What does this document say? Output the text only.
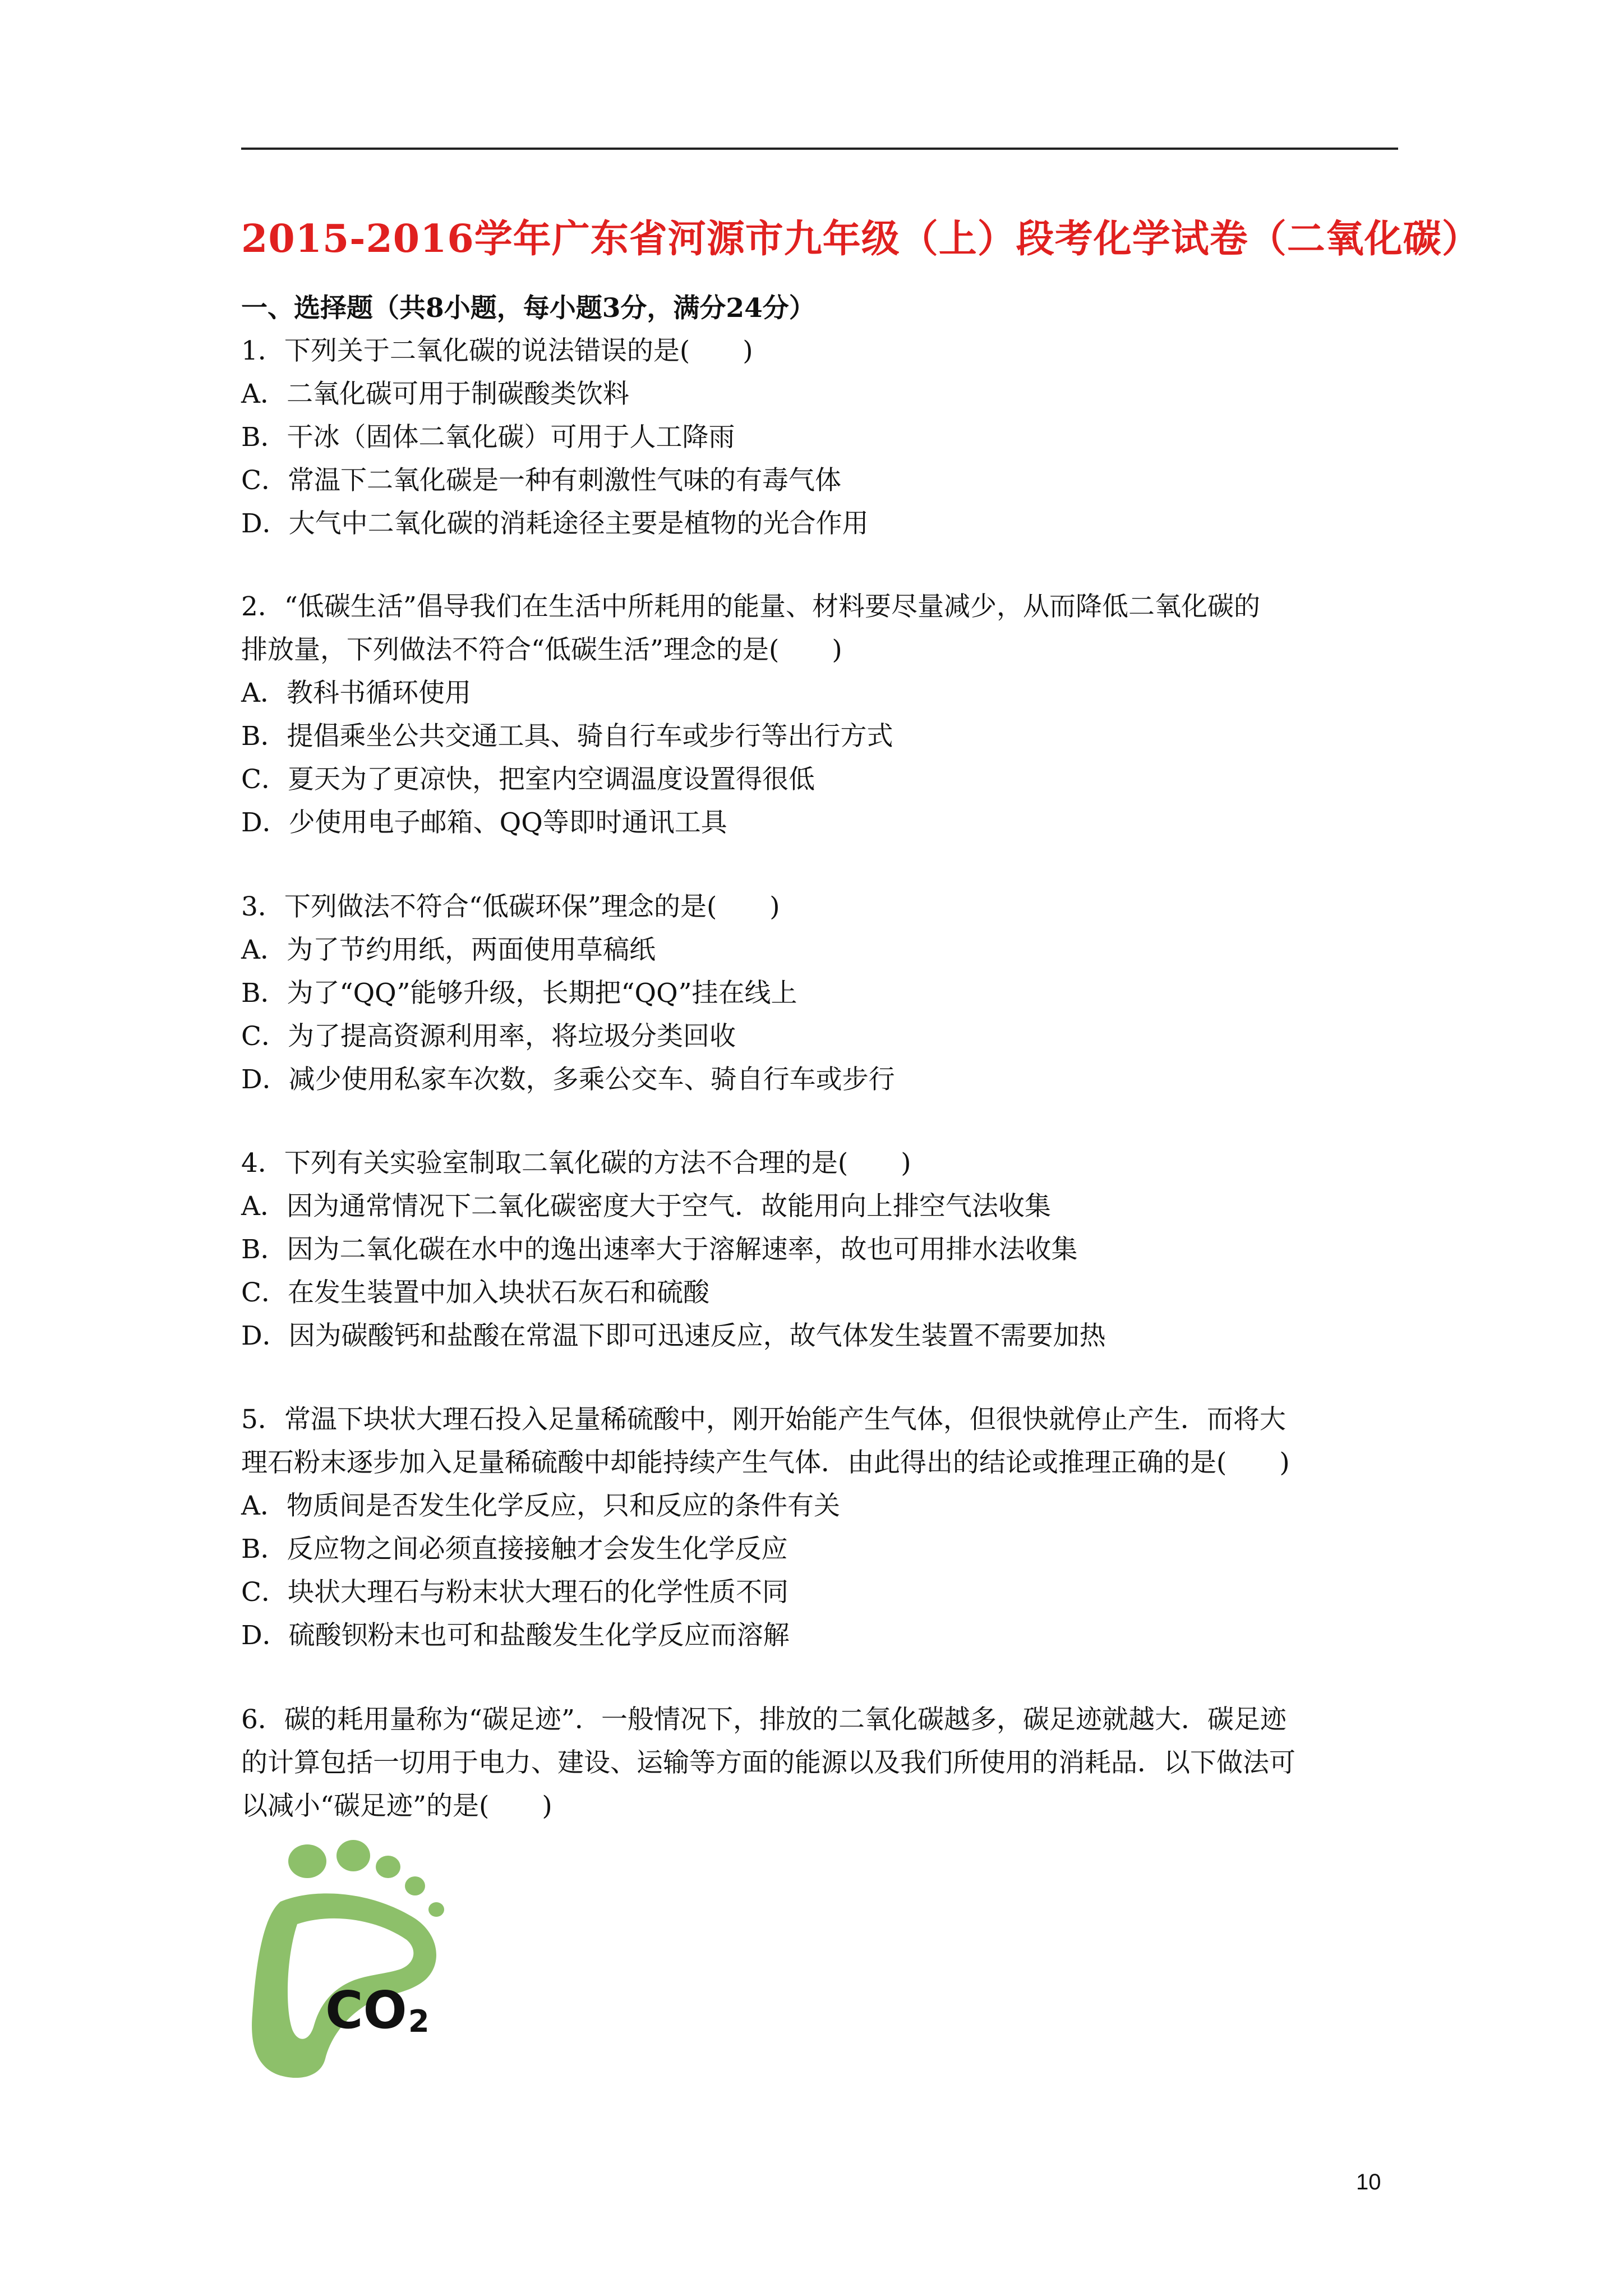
2015-2016学年广东省河源市九年级（上）段考化学试卷（二氧化碳）
一、选择题（共8小题，每小题3分，满分24分）
1．下列关于二氧化碳的说法错误的是(　　)
A．二氧化碳可用于制碳酸类饮料
B．干冰（固体二氧化碳）可用于人工降雨
C．常温下二氧化碳是一种有刺激性气味的有毒气体
D．大气中二氧化碳的消耗途径主要是植物的光合作用
2．“低碳生活”倡导我们在生活中所耗用的能量、材料要尽量减少，从而降低二氧化碳的
排放量，下列做法不符合“低碳生活”理念的是(　　)
A．教科书循环使用
B．提倡乘坐公共交通工具、骑自行车或步行等出行方式
C．夏天为了更凉快，把室内空调温度设置得很低
D．少使用电子邮箱、QQ等即时通讯工具
3．下列做法不符合“低碳环保”理念的是(　　)
A．为了节约用纸，两面使用草稿纸
B．为了“QQ”能够升级，长期把“QQ”挂在线上
C．为了提高资源利用率，将垃圾分类回收
D．减少使用私家车次数，多乘公交车、骑自行车或步行
4．下列有关实验室制取二氧化碳的方法不合理的是(　　)
A．因为通常情况下二氧化碳密度大于空气．故能用向上排空气法收集
B．因为二氧化碳在水中的逸出速率大于溶解速率，故也可用排水法收集
C．在发生装置中加入块状石灰石和硫酸
D．因为碳酸钙和盐酸在常温下即可迅速反应，故气体发生装置不需要加热
5．常温下块状大理石投入足量稀硫酸中，刚开始能产生气体，但很快就停止产生．而将大
理石粉末逐步加入足量稀硫酸中却能持续产生气体．由此得出的结论或推理正确的是(　　)
A．物质间是否发生化学反应，只和反应的条件有关
B．反应物之间必须直接接触才会发生化学反应
C．块状大理石与粉末状大理石的化学性质不同
D．硫酸钡粉末也可和盐酸发生化学反应而溶解
6．碳的耗用量称为“碳足迹”．一般情况下，排放的二氧化碳越多，碳足迹就越大．碳足迹
的计算包括一切用于电力、建设、运输等方面的能源以及我们所使用的消耗品．以下做法可
以减小“碳足迹”的是(　　)
CO 2
10
